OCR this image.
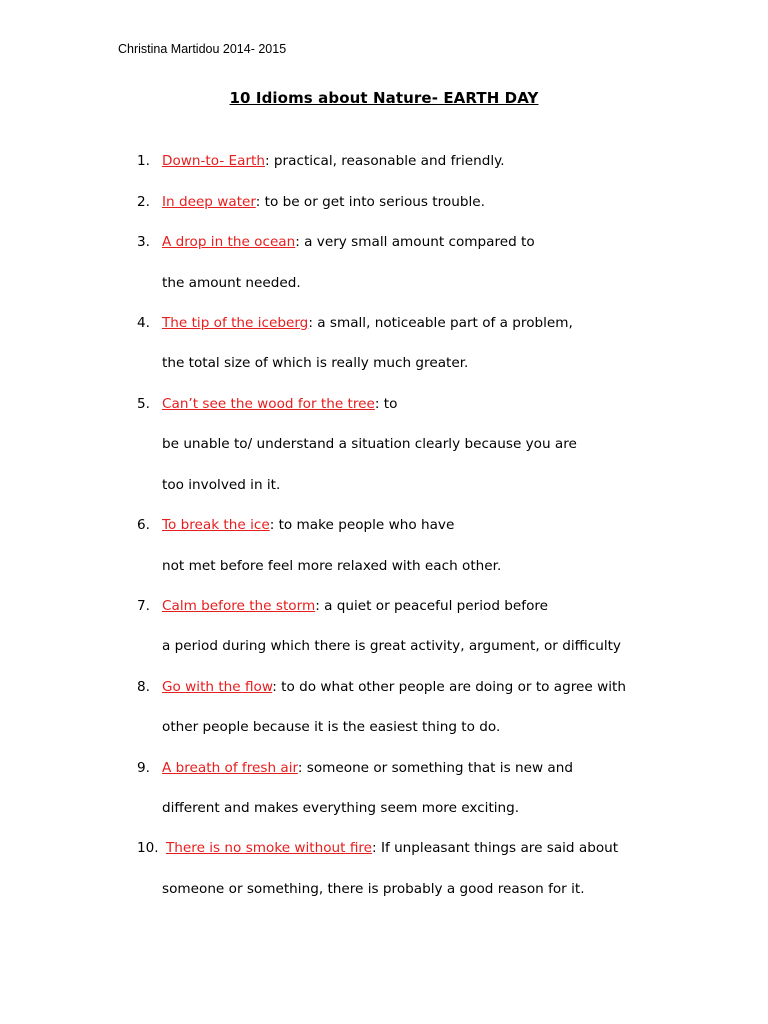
Christina Martidou 2014- 2015
10 Idioms about Nature- EARTH DAY
1. Down-to- Earth: practical, reasonable and friendly.
2. In deep water: to be or get into serious trouble.
3. A drop in the ocean: a very small amount compared to
the amount needed.
4. The tip of the iceberg: a small, noticeable part of a problem,
the total size of which is really much greater.
5. Can’t see the wood for the tree: to
be unable to/ understand a situation clearly because you are
too involved in it.
6. To break the ice: to make people who have
not met before feel more relaxed with each other.
7. Calm before the storm: a quiet or peaceful period before
a period during which there is great activity, argument, or difficulty
8. Go with the flow: to do what other people are doing or to agree with
other people because it is the easiest thing to do.
9. A breath of fresh air: someone or something that is new and
different and makes everything seem more exciting.
10. There is no smoke without fire: If unpleasant things are said about
someone or something, there is probably a good reason for it.
